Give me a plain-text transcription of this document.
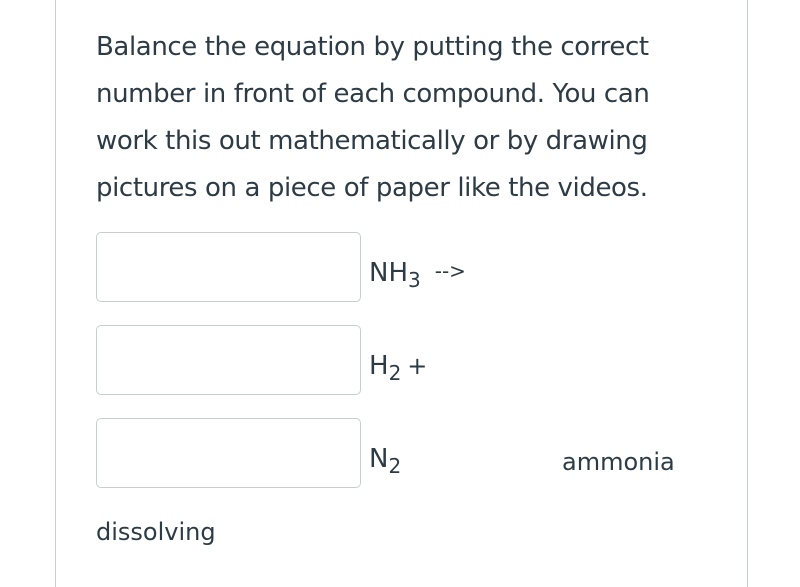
Balance the equation by putting the correct number in front of each compound. You can work this out mathematically or by drawing pictures on a piece of paper like the videos.

$NH_3$ -->
$H_2$ +
$N_2$	ammonia
dissolving
